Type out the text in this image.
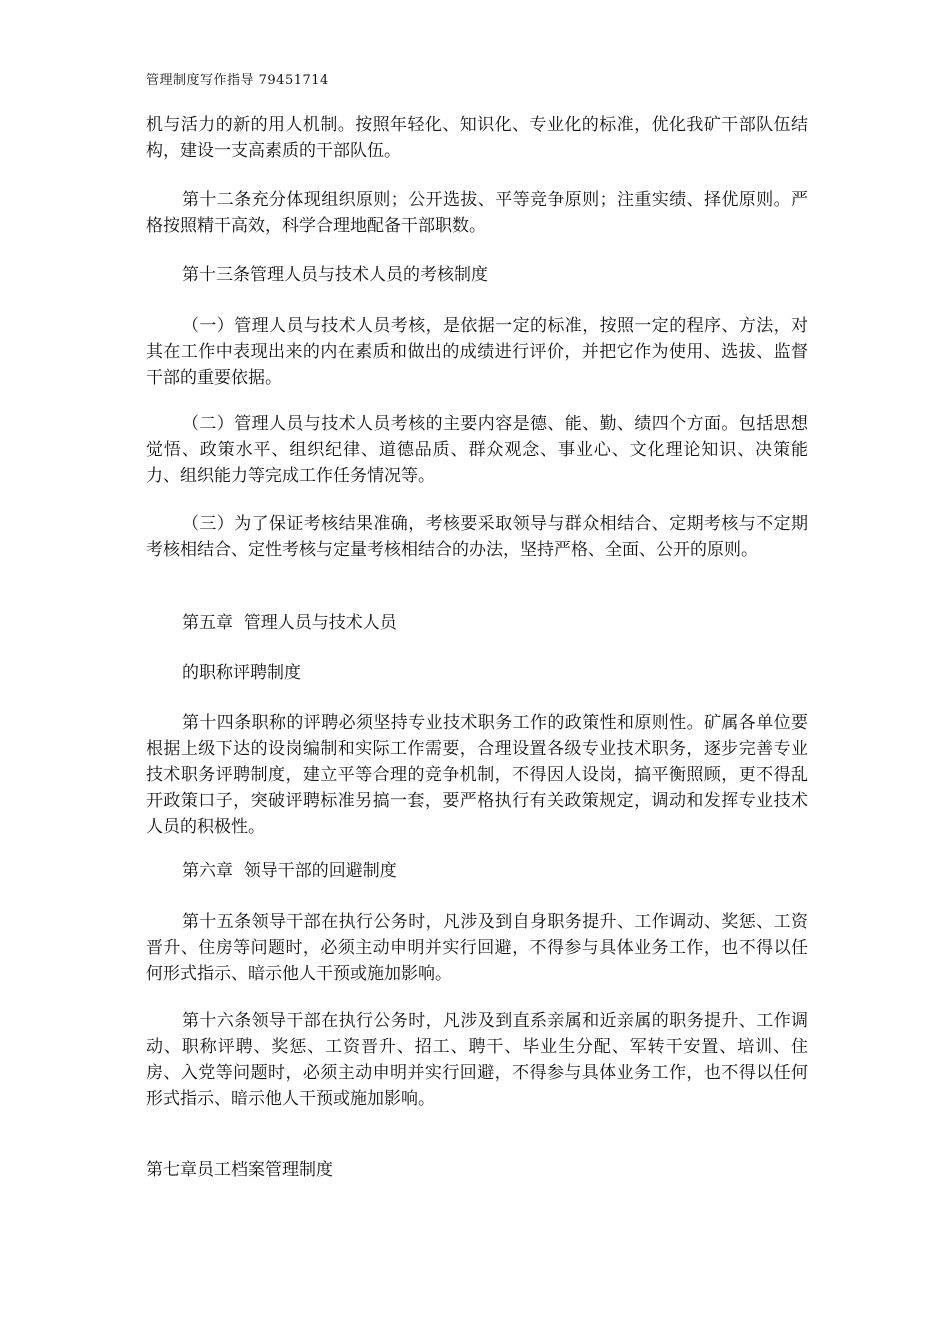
管理制度写作指导 79451714

机与活力的新的用人机制。按照年轻化、知识化、专业化的标准，优化我矿干部队伍结构，建设一支高素质的干部队伍。

第十二条充分体现组织原则；公开选拔、平等竞争原则；注重实绩、择优原则。严格按照精干高效，科学合理地配备干部职数。

第十三条管理人员与技术人员的考核制度

（一）管理人员与技术人员考核，是依据一定的标准，按照一定的程序、方法，对其在工作中表现出来的内在素质和做出的成绩进行评价，并把它作为使用、选拔、监督干部的重要依据。

（二）管理人员与技术人员考核的主要内容是德、能、勤、绩四个方面。包括思想觉悟、政策水平、组织纪律、道德品质、群众观念、事业心、文化理论知识、决策能力、组织能力等完成工作任务情况等。

（三）为了保证考核结果准确，考核要采取领导与群众相结合、定期考核与不定期考核相结合、定性考核与定量考核相结合的办法，坚持严格、全面、公开的原则。

第五章  管理人员与技术人员

的职称评聘制度

第十四条职称的评聘必须坚持专业技术职务工作的政策性和原则性。矿属各单位要根据上级下达的设岗编制和实际工作需要，合理设置各级专业技术职务，逐步完善专业技术职务评聘制度，建立平等合理的竞争机制，不得因人设岗，搞平衡照顾，更不得乱开政策口子，突破评聘标准另搞一套，要严格执行有关政策规定，调动和发挥专业技术人员的积极性。

第六章  领导干部的回避制度

第十五条领导干部在执行公务时，凡涉及到自身职务提升、工作调动、奖惩、工资晋升、住房等问题时，必须主动申明并实行回避，不得参与具体业务工作，也不得以任何形式指示、暗示他人干预或施加影响。

第十六条领导干部在执行公务时，凡涉及到直系亲属和近亲属的职务提升、工作调动、职称评聘、奖惩、工资晋升、招工、聘干、毕业生分配、军转干安置、培训、住房、入党等问题时，必须主动申明并实行回避，不得参与具体业务工作，也不得以任何形式指示、暗示他人干预或施加影响。

第七章员工档案管理制度
